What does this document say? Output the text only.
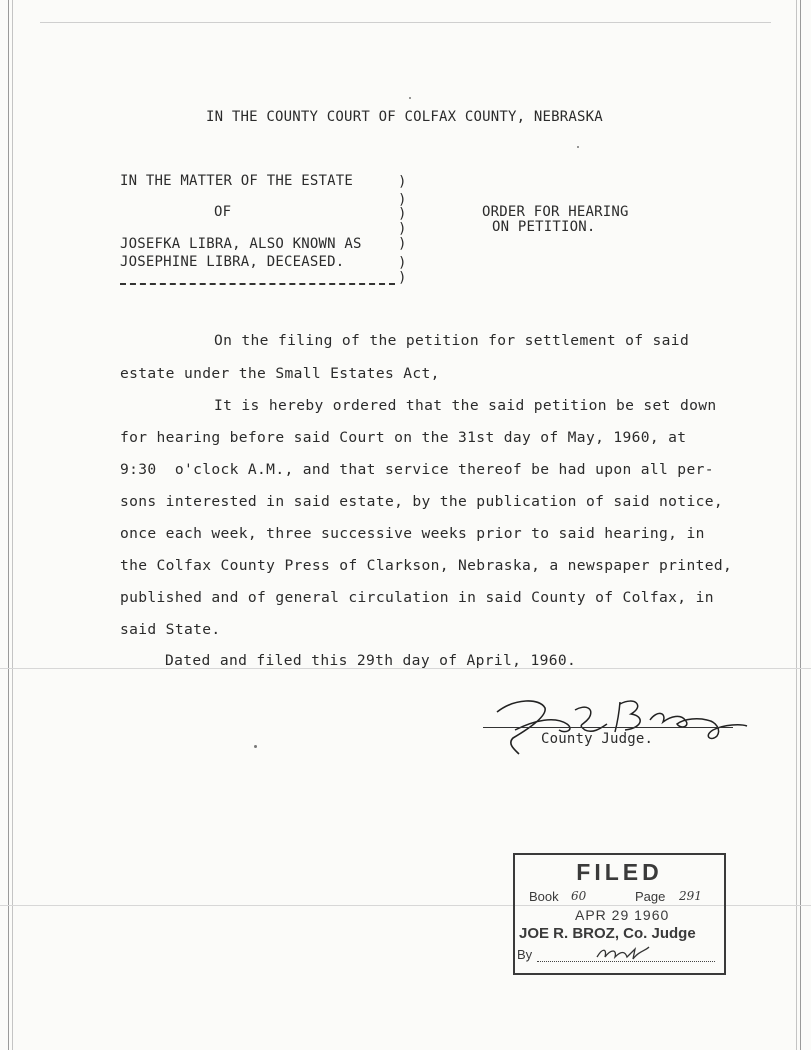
IN THE COUNTY COURT OF COLFAX COUNTY, NEBRASKA
IN THE MATTER OF THE ESTATE
OF
JOSEFKA LIBRA, ALSO KNOWN AS
JOSEPHINE LIBRA, DECEASED.
)
)
)
)
)
)
)
ORDER FOR HEARING
ON PETITION.
On the filing of the petition for settlement of said
estate under the Small Estates Act,
It is hereby ordered that the said petition be set down
for hearing before said Court on the 31st day of May, 1960, at
9:30  o'clock A.M., and that service thereof be had upon all per-
sons interested in said estate, by the publication of said notice,
once each week, three successive weeks prior to said hearing, in
the Colfax County Press of Clarkson, Nebraska, a newspaper printed,
published and of general circulation in said County of Colfax, in
said State.
Dated and filed this 29th day of April, 1960.
County Judge.
FILED
Book 60	Page 291
APR 29 1960
JOE R. BROZ, Co. Judge
By
